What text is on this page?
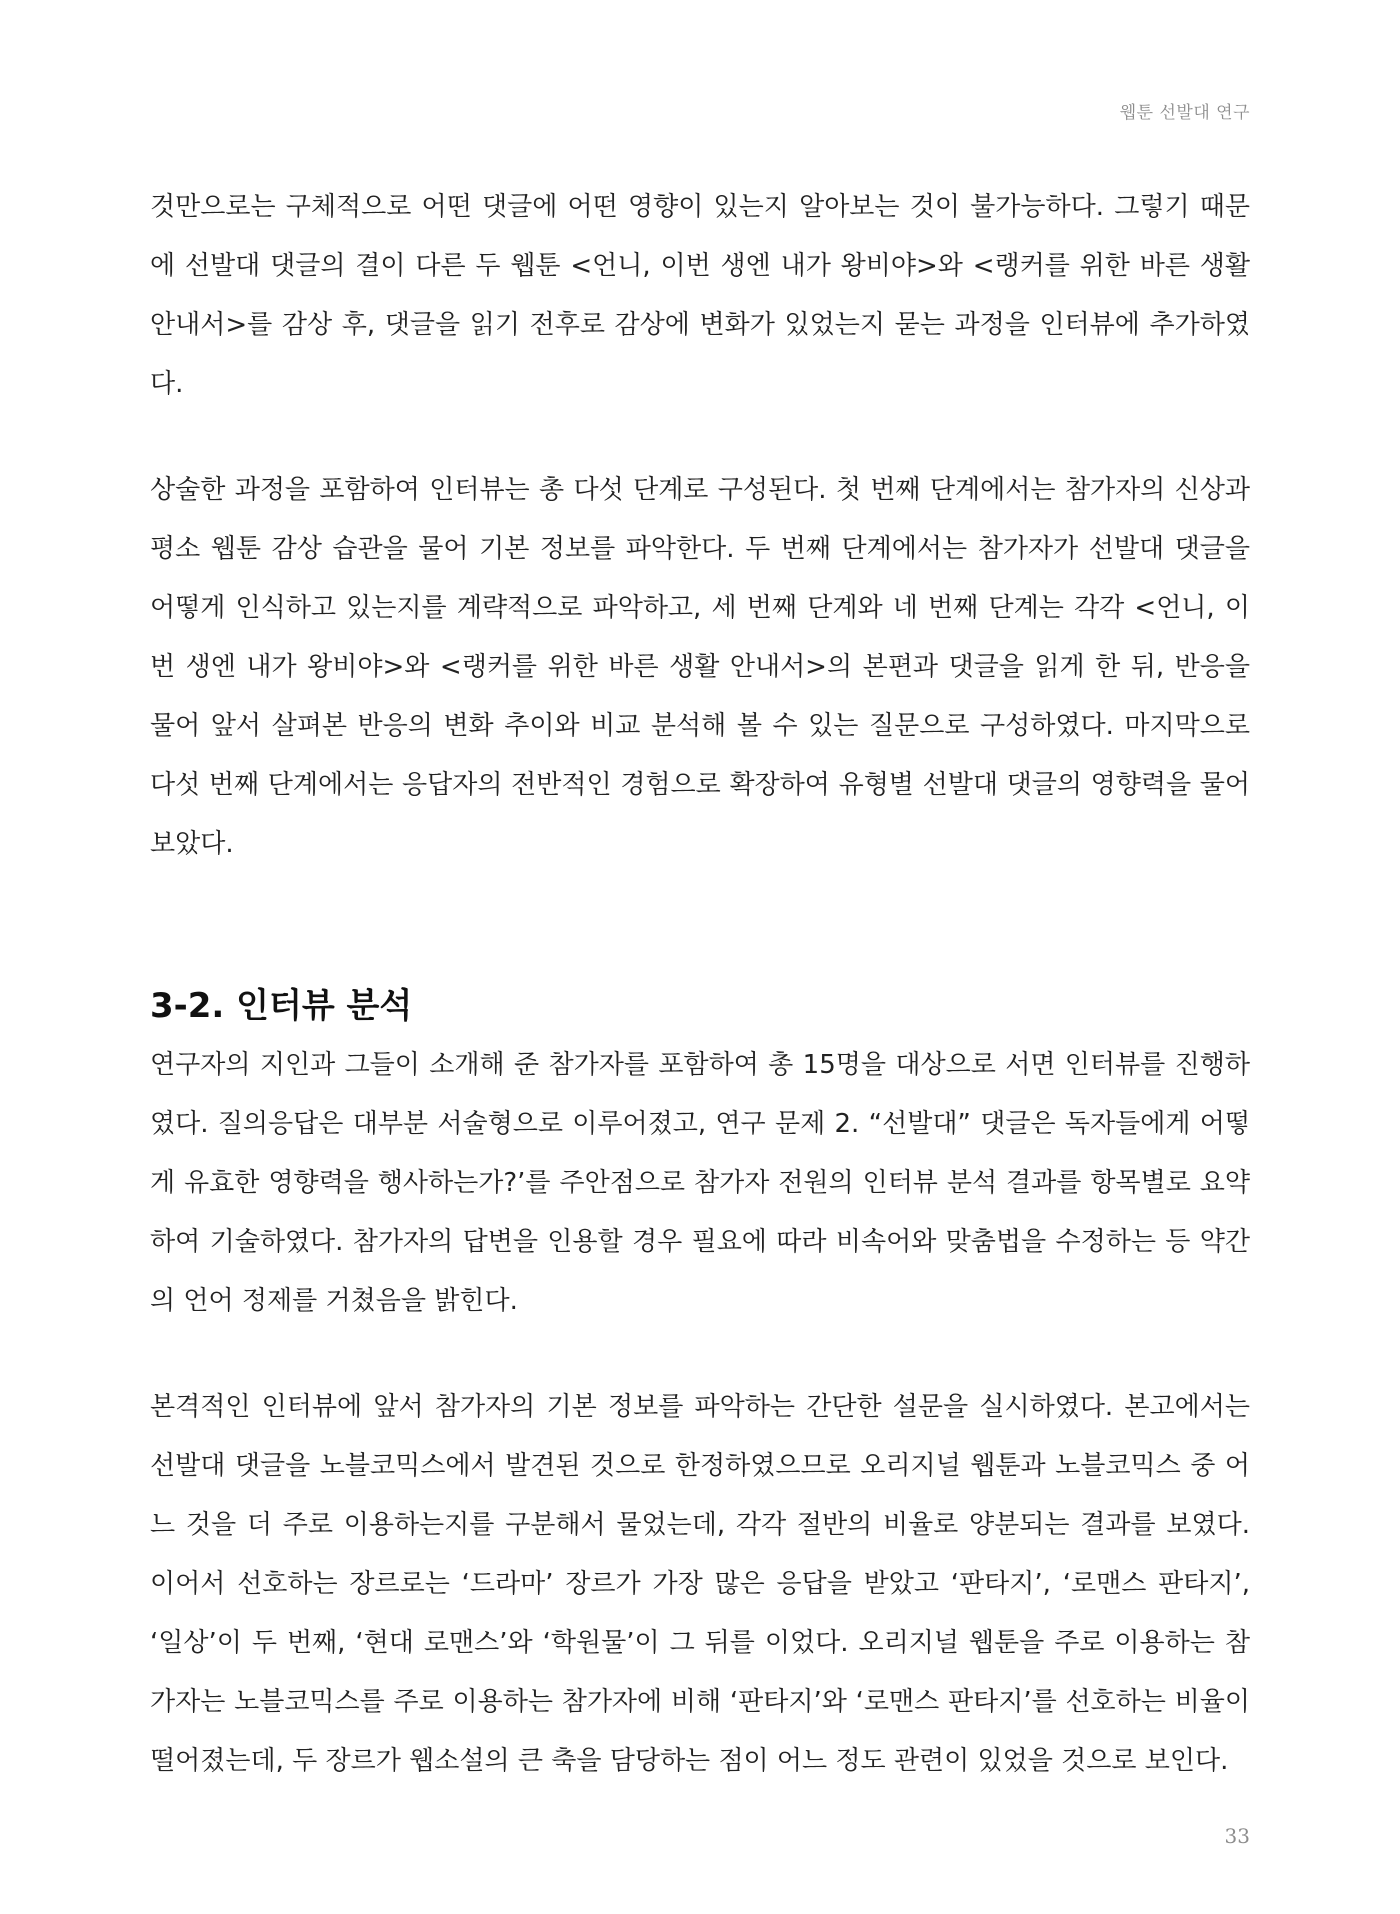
웹툰 선발대 연구

것만으로는 구체적으로 어떤 댓글에 어떤 영향이 있는지 알아보는 것이 불가능하다. 그렇기 때문에 선발대 댓글의 결이 다른 두 웹툰 <언니, 이번 생엔 내가 왕비야>와 <랭커를 위한 바른 생활 안내서>를 감상 후, 댓글을 읽기 전후로 감상에 변화가 있었는지 묻는 과정을 인터뷰에 추가하였다.

상술한 과정을 포함하여 인터뷰는 총 다섯 단계로 구성된다. 첫 번째 단계에서는 참가자의 신상과 평소 웹툰 감상 습관을 물어 기본 정보를 파악한다. 두 번째 단계에서는 참가자가 선발대 댓글을 어떻게 인식하고 있는지를 계략적으로 파악하고, 세 번째 단계와 네 번째 단계는 각각 <언니, 이번 생엔 내가 왕비야>와 <랭커를 위한 바른 생활 안내서>의 본편과 댓글을 읽게 한 뒤, 반응을 물어 앞서 살펴본 반응의 변화 추이와 비교 분석해 볼 수 있는 질문으로 구성하였다. 마지막으로 다섯 번째 단계에서는 응답자의 전반적인 경험으로 확장하여 유형별 선발대 댓글의 영향력을 물어보았다.

3-2. 인터뷰 분석

연구자의 지인과 그들이 소개해 준 참가자를 포함하여 총 15명을 대상으로 서면 인터뷰를 진행하였다. 질의응답은 대부분 서술형으로 이루어졌고, 연구 문제 2. “선발대” 댓글은 독자들에게 어떻게 유효한 영향력을 행사하는가?’를 주안점으로 참가자 전원의 인터뷰 분석 결과를 항목별로 요약하여 기술하였다. 참가자의 답변을 인용할 경우 필요에 따라 비속어와 맞춤법을 수정하는 등 약간의 언어 정제를 거쳤음을 밝힌다.

본격적인 인터뷰에 앞서 참가자의 기본 정보를 파악하는 간단한 설문을 실시하였다. 본고에서는 선발대 댓글을 노블코믹스에서 발견된 것으로 한정하였으므로 오리지널 웹툰과 노블코믹스 중 어느 것을 더 주로 이용하는지를 구분해서 물었는데, 각각 절반의 비율로 양분되는 결과를 보였다. 이어서 선호하는 장르로는 ‘드라마’ 장르가 가장 많은 응답을 받았고 ‘판타지’, ‘로맨스 판타지’, ‘일상’이 두 번째, ‘현대 로맨스’와 ‘학원물’이 그 뒤를 이었다. 오리지널 웹툰을 주로 이용하는 참가자는 노블코믹스를 주로 이용하는 참가자에 비해 ‘판타지’와 ‘로맨스 판타지’를 선호하는 비율이 떨어졌는데, 두 장르가 웹소설의 큰 축을 담당하는 점이 어느 정도 관련이 있었을 것으로 보인다.

33
